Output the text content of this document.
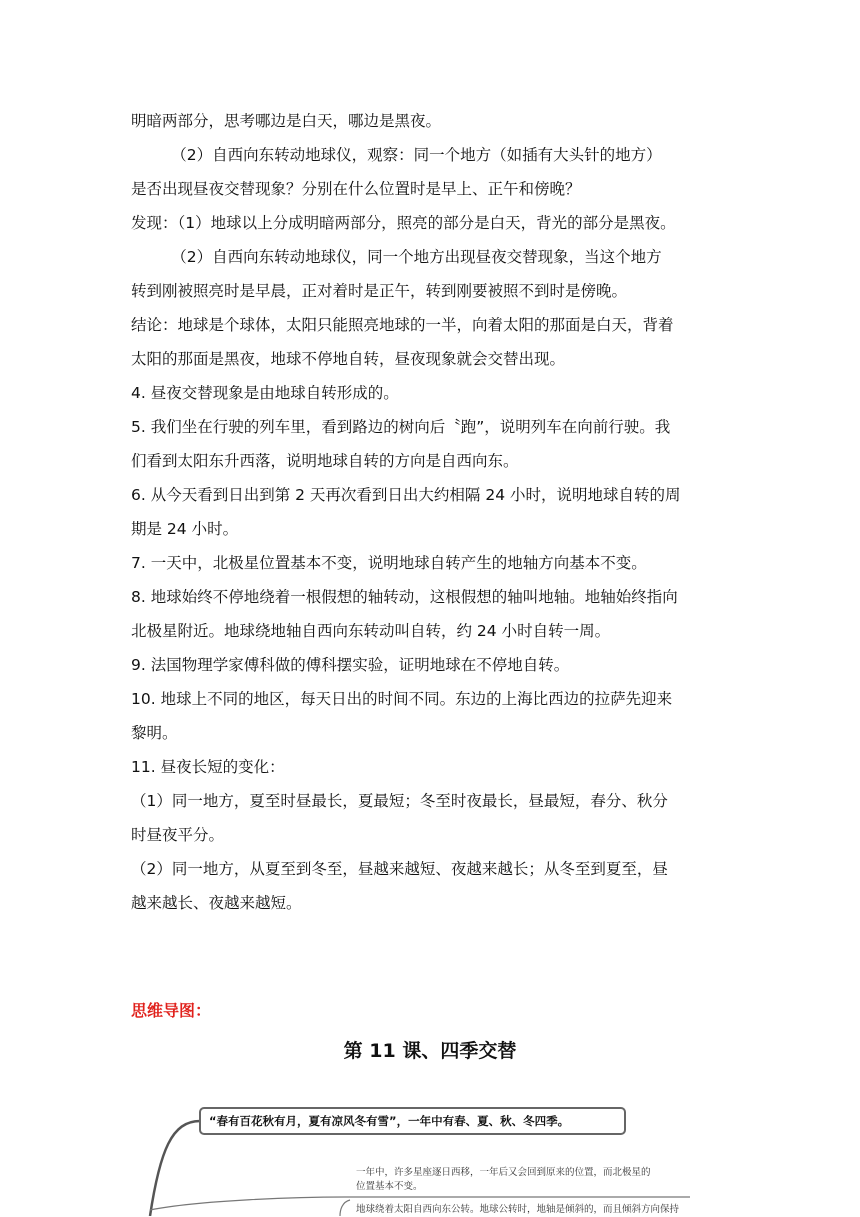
明暗两部分，思考哪边是白天，哪边是黑夜。

（2）自西向东转动地球仪，观察：同一个地方（如插有大头针的地方）

是否出现昼夜交替现象？分别在什么位置时是早上、正午和傍晚？

发现：（1）地球以上分成明暗两部分，照亮的部分是白天，背光的部分是黑夜。

（2）自西向东转动地球仪，同一个地方出现昼夜交替现象，当这个地方

转到刚被照亮时是早晨，正对着时是正午，转到刚要被照不到时是傍晚。

结论：地球是个球体，太阳只能照亮地球的一半，向着太阳的那面是白天，背着

太阳的那面是黑夜，地球不停地自转，昼夜现象就会交替出现。

4. 昼夜交替现象是由地球自转形成的。

5. 我们坐在行驶的列车里，看到路边的树向后〝跑”，说明列车在向前行驶。我

们看到太阳东升西落，说明地球自转的方向是自西向东。

6. 从今天看到日出到第 2 天再次看到日出大约相隔 24 小时，说明地球自转的周

期是 24 小时。

7. 一天中，北极星位置基本不变，说明地球自转产生的地轴方向基本不变。

8. 地球始终不停地绕着一根假想的轴转动，这根假想的轴叫地轴。地轴始终指向

北极星附近。地球绕地轴自西向东转动叫自转，约 24 小时自转一周。

9. 法国物理学家傅科做的傅科摆实验，证明地球在不停地自转。

10. 地球上不同的地区，每天日出的时间不同。东边的上海比西边的拉萨先迎来

黎明。

11. 昼夜长短的变化：

（1）同一地方，夏至时昼最长，夏最短；冬至时夜最长，昼最短，春分、秋分

时昼夜平分。

（2）同一地方，从夏至到冬至，昼越来越短、夜越来越长；从冬至到夏至，昼

越来越长、夜越来越短。

思维导图：
第 11 课、四季交替
“春有百花秋有月，夏有凉风冬有雪”，一年中有春、夏、秋、冬四季。
一年中，许多星座逐日西移，一年后又会回到原来的位置，而北极星的
位置基本不变。
地球绕着太阳自西向东公转。地球公转时，地轴是倾斜的，而且倾斜方向保持
